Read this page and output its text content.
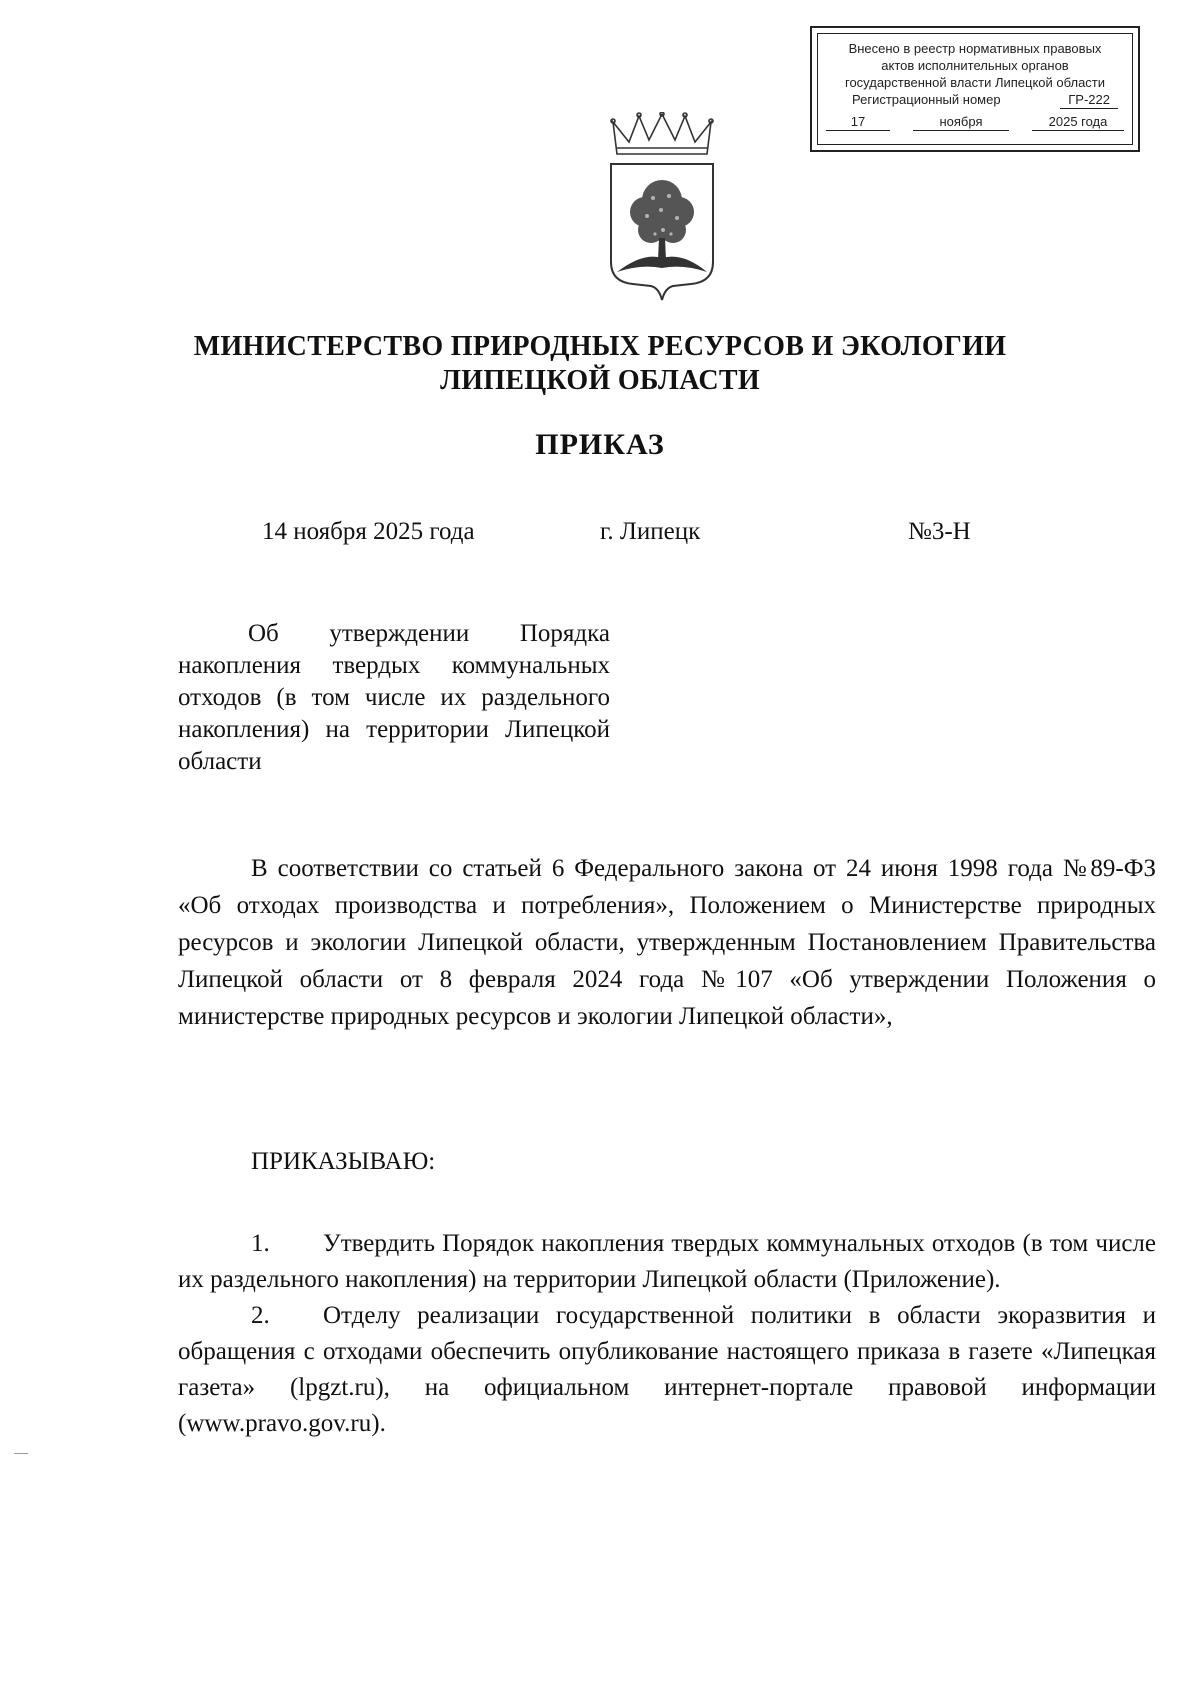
Внесено в реестр нормативных правовых
актов исполнительных органов
государственной власти Липецкой области
Регистрационный номер	ГР-222
17	ноября	2025 года
МИНИСТЕРСТВО ПРИРОДНЫХ РЕСУРСОВ И ЭКОЛОГИИ
ЛИПЕЦКОЙ ОБЛАСТИ
ПРИКАЗ
14 ноября 2025 года	г. Липецк	№3-Н

Об утверждении Порядка накопления твердых коммунальных отходов (в том числе их раздельного накопления) на территории Липецкой области

В соответствии со статьей 6 Федерального закона от 24 июня 1998 года №89-ФЗ «Об отходах производства и потребления», Положением о Министерстве природных ресурсов и экологии Липецкой области, утвержденным Постановлением Правительства Липецкой области от 8 февраля 2024 года №107 «Об утверждении Положения о министерстве природных ресурсов и экологии Липецкой области»,

ПРИКАЗЫВАЮ:

1. Утвердить Порядок накопления твердых коммунальных отходов (в том числе их раздельного накопления) на территории Липецкой области (Приложение).

2. Отделу реализации государственной политики в области экоразвития и обращения с отходами обеспечить опубликование настоящего приказа в газете «Липецкая газета» (lpgzt.ru), на официальном интернет-портале правовой информации (www.pravo.gov.ru).
